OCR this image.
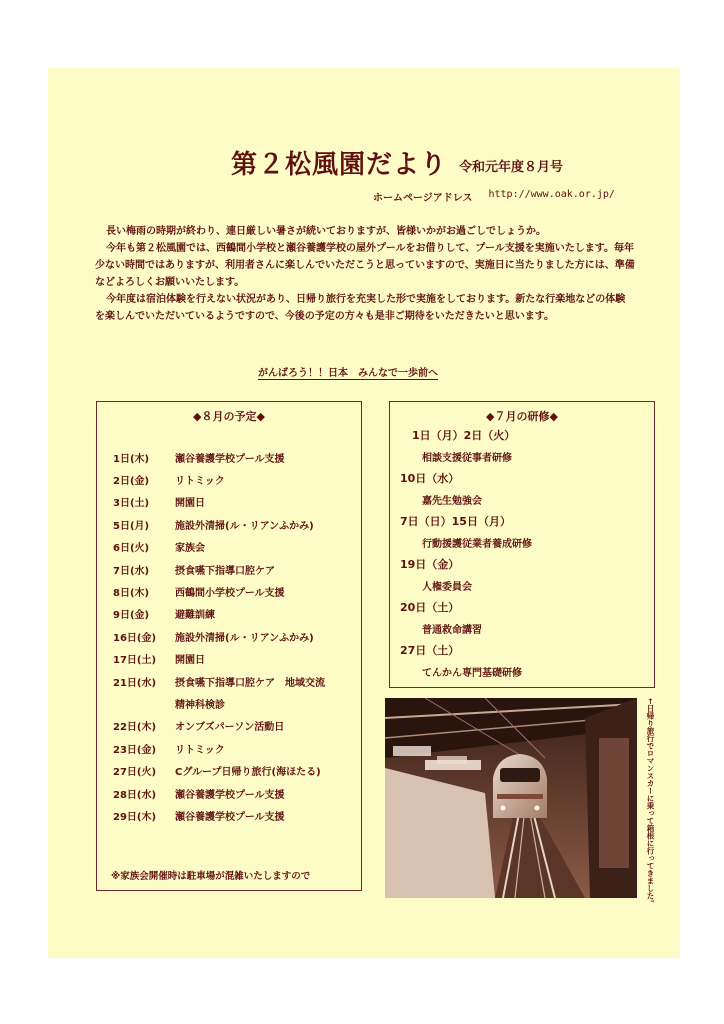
第２松風園だより 令和元年度８月号
ホームページアドレス http://www.oak.or.jp/

長い梅雨の時期が終わり、連日厳しい暑さが続いておりますが、皆様いかがお過ごしでしょうか。

今年も第２松風園では、西鶴間小学校と瀬谷養護学校の屋外プールをお借りして、プール支援を実施いたします。毎年少ない時間ではありますが、利用者さんに楽しんでいただこうと思っていますので、実施日に当たりました方には、準備などよろしくお願いいたします。

今年度は宿泊体験を行えない状況があり、日帰り旅行を充実した形で実施をしております。新たな行楽地などの体験を楽しんでいただいているようですので、今後の予定の方々も是非ご期待をいただきたいと思います。

がんばろう！！日本　みんなで一歩前へ
◆８月の予定◆
1日(木)	瀬谷養護学校プール支援
2日(金)	リトミック
3日(土)	開園日
5日(月)	施設外清掃(ル・リアンふかみ)
6日(火)	家族会
7日(水)	摂食嚥下指導口腔ケア
8日(木)	西鶴間小学校プール支援
9日(金)	避難訓練
16日(金)	施設外清掃(ル・リアンふかみ)
17日(土)	開園日
21日(水)	摂食嚥下指導口腔ケア　地域交流
精神科検診
22日(木)	オンブズパーソン活動日
23日(金)	リトミック
27日(火)	Cグループ日帰り旅行(海ほたる)
28日(水)	瀬谷養護学校プール支援
29日(木)	瀬谷養護学校プール支援
※家族会開催時は駐車場が混雑いたしますので
◆７月の研修◆
1日（月）2日（火）
相談支援従事者研修
10日（水）
嘉先生勉強会
7日（日）15日（月）
行動援護従業者養成研修
19日（金）
人権委員会
20日（土）
普通救命講習
27日（土）
てんかん専門基礎研修
←日帰り旅行でロマンスカーに乗って箱根に行ってきました。
